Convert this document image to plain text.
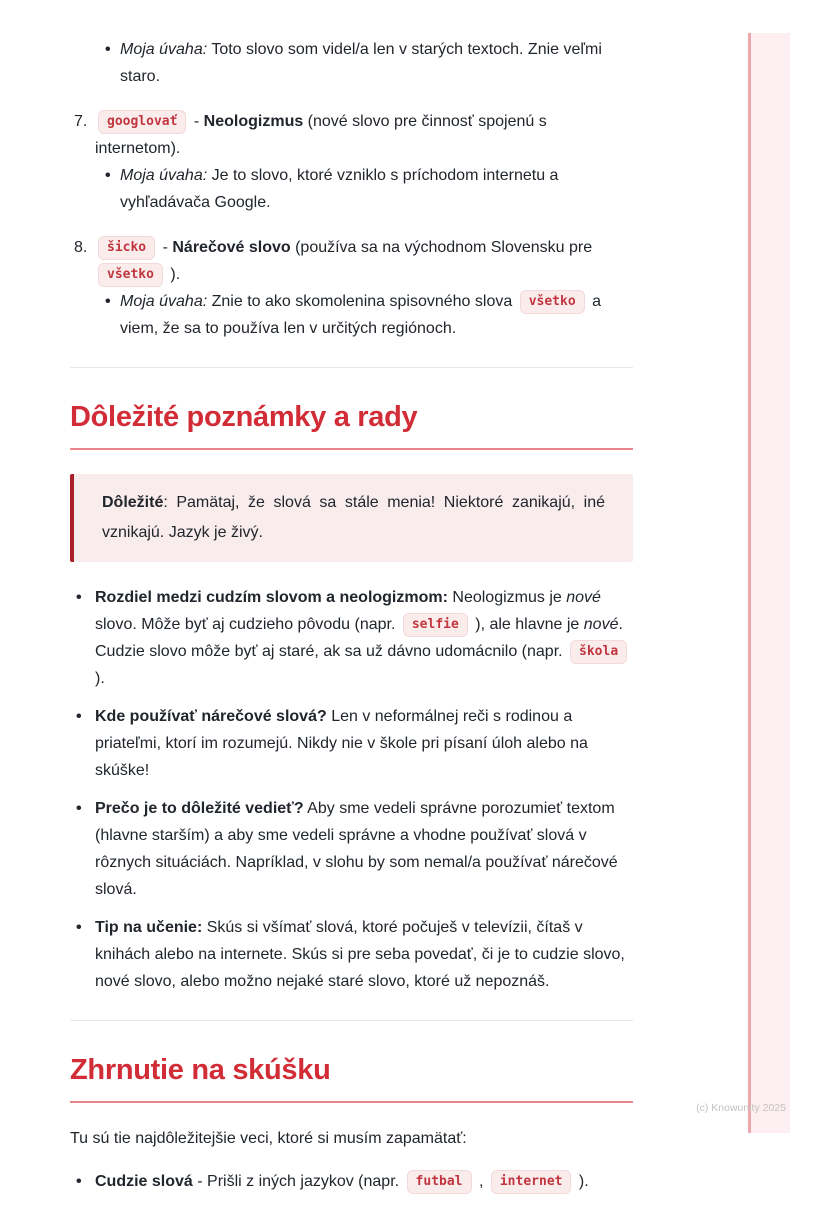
•

Moja úvaha: Toto slovo som videl/a len v starých textoch. Znie veľmi staro.

7.	googlovať - Neologizmus (nové slovo pre činnosť spojenú s internetom).

•

Moja úvaha: Je to slovo, ktoré vzniklo s príchodom internetu a vyhľadávača Google.

8.	šicko - Nárečové slovo (používa sa na východnom Slovensku pre všetko ).

•

Moja úvaha: Znie to ako skomolenina spisovného slova všetko a viem, že sa to používa len v určitých regiónoch.

Dôležité poznámky a rady

Dôležité: Pamätaj, že slová sa stále menia! Niektoré zanikajú, iné vznikajú. Jazyk je živý.

•

Rozdiel medzi cudzím slovom a neologizmom: Neologizmus je nové slovo. Môže byť aj cudzieho pôvodu (napr. selfie ), ale hlavne je nové. Cudzie slovo môže byť aj staré, ak sa už dávno udomácnilo (napr. škola ).

•

Kde používať nárečové slová? Len v neformálnej reči s rodinou a priateľmi, ktorí im rozumejú. Nikdy nie v škole pri písaní úloh alebo na skúške!

•

Prečo je to dôležité vedieť? Aby sme vedeli správne porozumieť textom (hlavne starším) a aby sme vedeli správne a vhodne používať slová v rôznych situáciách. Napríklad, v slohu by som nemal/a používať nárečové slová.

•

Tip na učenie: Skús si všímať slová, ktoré počuješ v televízii, čítaš v knihách alebo na internete. Skús si pre seba povedať, či je to cudzie slovo, nové slovo, alebo možno nejaké staré slovo, ktoré už nepoznáš.

Zhrnutie na skúšku

Tu sú tie najdôležitejšie veci, ktoré si musím zapamätať:

•

Cudzie slová - Prišli z iných jazykov (napr. futbal , internet ).

(c) Knowunity 2025
